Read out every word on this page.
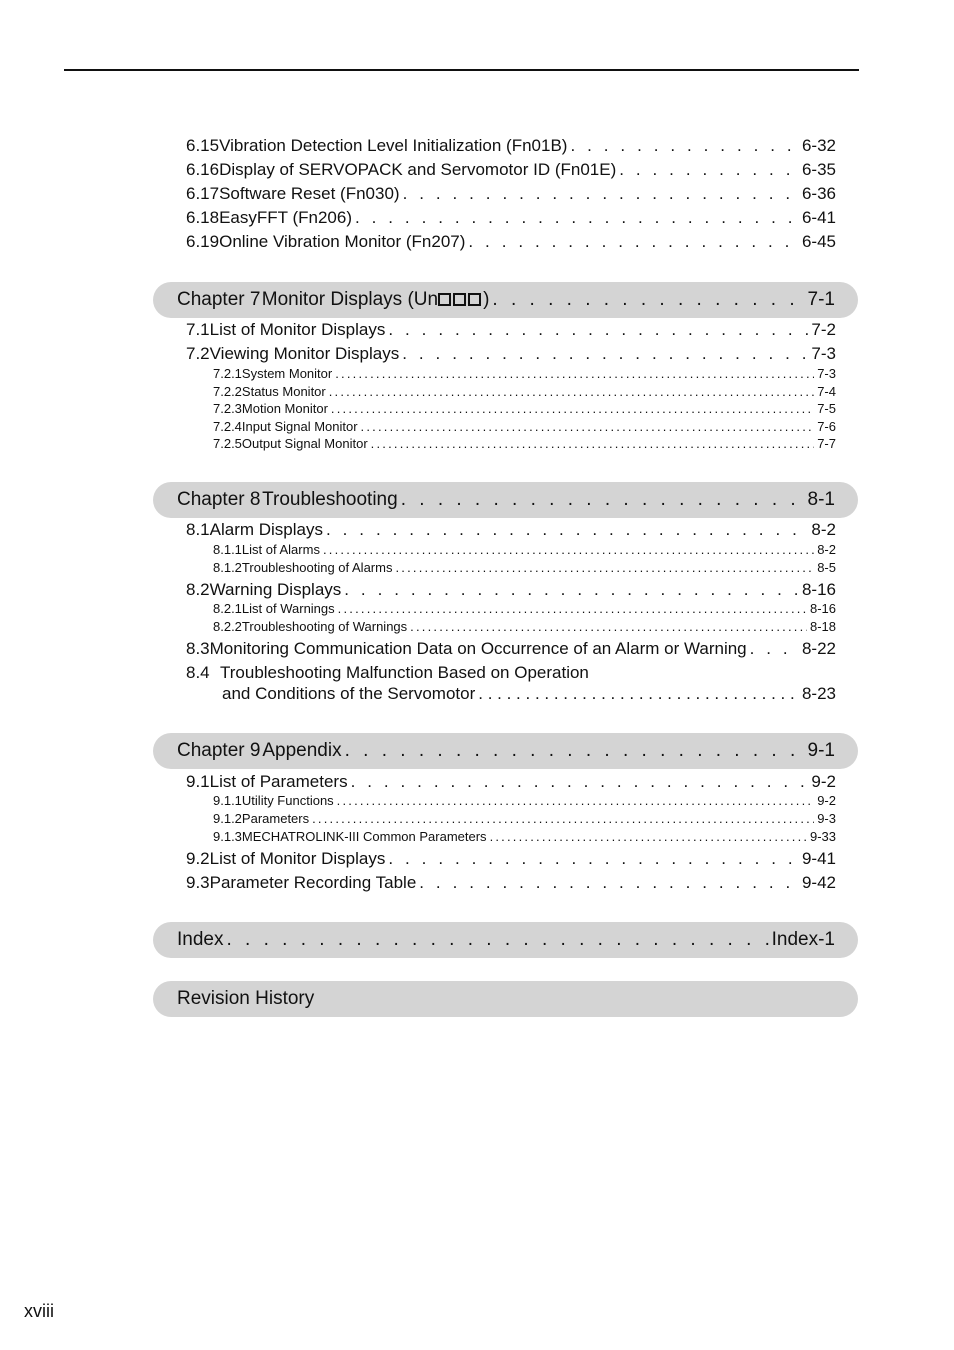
6.15 Vibration Detection Level Initialization (Fn01B) . . .	6-32
6.16 Display of SERVOPACK and Servomotor ID (Fn01E) . . .	6-35
6.17 Software Reset (Fn030) . . .	6-36
6.18 EasyFFT (Fn206) . . .	6-41
6.19 Online Vibration Monitor (Fn207) . . .	6-45
Chapter 7 Monitor Displays (Un ) . . .	7-1
7.1 List of Monitor Displays . . .	7-2
7.2 Viewing Monitor Displays . . .	7-3
7.2.1 System Monitor .....	7-3
7.2.2 Status Monitor .....	7-4
7.2.3 Motion Monitor .....	7-5
7.2.4 Input Signal Monitor .....	7-6
7.2.5 Output Signal Monitor .....	7-7
Chapter 8 Troubleshooting . . .	8-1
8.1 Alarm Displays . . .	8-2
8.1.1 List of Alarms .....	8-2
8.1.2 Troubleshooting of Alarms .....	8-5
8.2 Warning Displays . . .	8-16
8.2.1 List of Warnings .....	8-16
8.2.2 Troubleshooting of Warnings .....	8-18
8.3 Monitoring Communication Data on Occurrence of an Alarm or Warning . . .	8-22
8.4 Troubleshooting Malfunction Based on Operation
and Conditions of the Servomotor . . .	8-23
Chapter 9 Appendix . . .	9-1
9.1 List of Parameters . . .	9-2
9.1.1 Utility Functions .....	9-2
9.1.2 Parameters .....	9-3
9.1.3 MECHATROLINK-III Common Parameters .....	9-33
9.2 List of Monitor Displays . . .	9-41
9.3 Parameter Recording Table . . .	9-42
Index . . .	Index-1
Revision History
xviii
